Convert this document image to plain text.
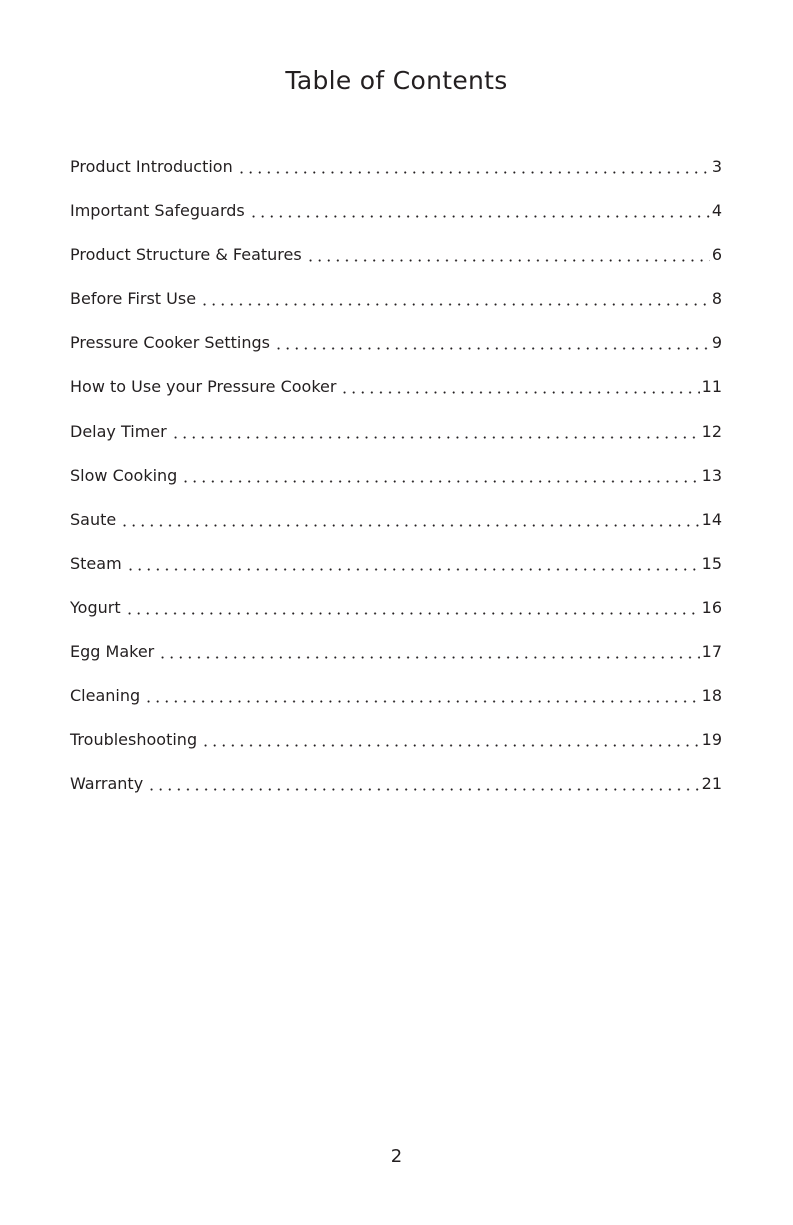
Table of Contents
Product Introduction	3
Important Safeguards	4
Product Structure & Features	6
Before First Use	8
Pressure Cooker Settings	9
How to Use your Pressure Cooker	11
Delay Timer	12
Slow Cooking	13
Saute	14
Steam	15
Yogurt	16
Egg Maker	17
Cleaning	18
Troubleshooting	19
Warranty	21
2
